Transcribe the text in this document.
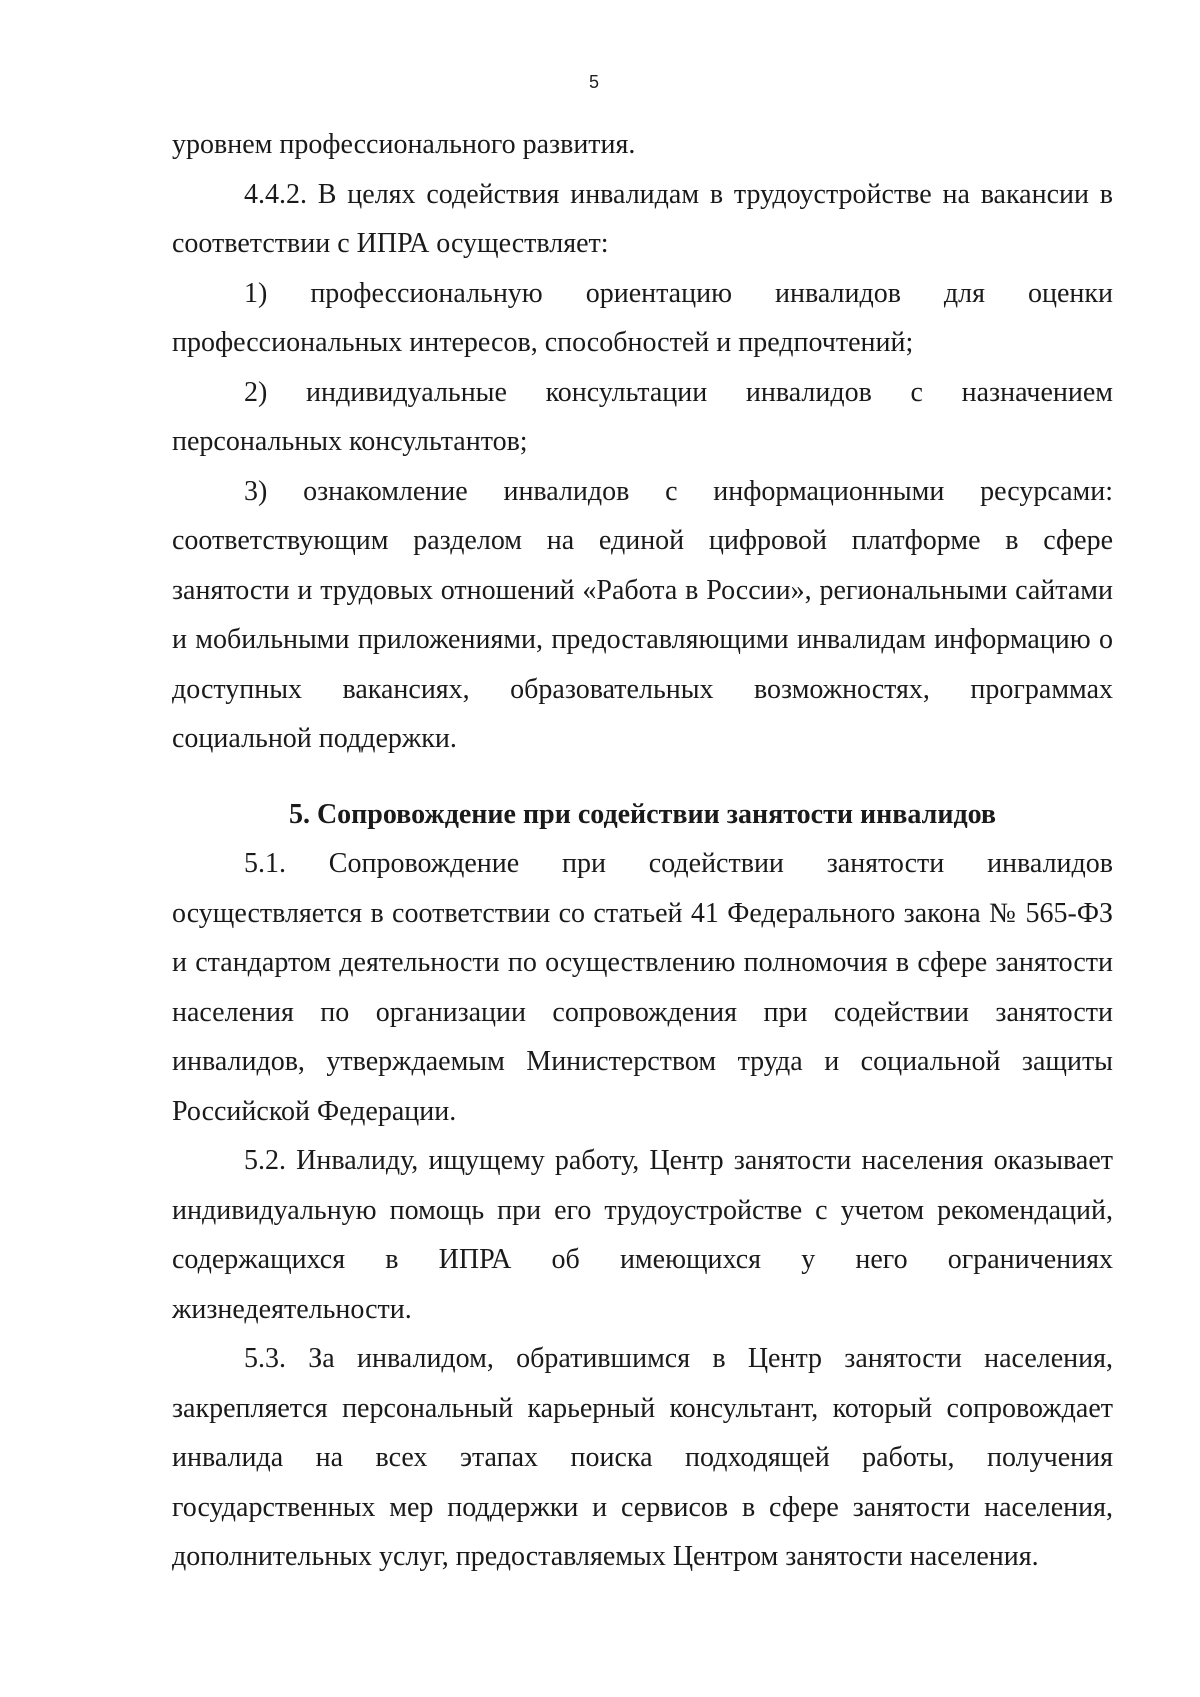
5

уровнем профессионального развития.

4.4.2. В целях содействия инвалидам в трудоустройстве на вакансии в соответствии с ИПРА осуществляет:

1) профессиональную ориентацию инвалидов для оценки профессиональных интересов, способностей и предпочтений;

2) индивидуальные консультации инвалидов с назначением персональных консультантов;

3) ознакомление инвалидов с информационными ресурсами: соответствующим разделом на единой цифровой платформе в сфере занятости и трудовых отношений «Работа в России», региональными сайтами и мобильными приложениями, предоставляющими инвалидам информацию о доступных вакансиях, образовательных возможностях, программах социальной поддержки.

5. Сопровождение при содействии занятости инвалидов

5.1. Сопровождение при содействии занятости инвалидов осуществляется в соответствии со статьей 41 Федерального закона № 565-ФЗ и стандартом деятельности по осуществлению полномочия в сфере занятости населения по организации сопровождения при содействии занятости инвалидов, утверждаемым Министерством труда и социальной защиты Российской Федерации.

5.2. Инвалиду, ищущему работу, Центр занятости населения оказывает индивидуальную помощь при его трудоустройстве с учетом рекомендаций, содержащихся в ИПРА об имеющихся у него ограничениях жизнедеятельности.

5.3. За инвалидом, обратившимся в Центр занятости населения, закрепляется персональный карьерный консультант, который сопровождает инвалида на всех этапах поиска подходящей работы, получения государственных мер поддержки и сервисов в сфере занятости населения, дополнительных услуг, предоставляемых Центром занятости населения.
